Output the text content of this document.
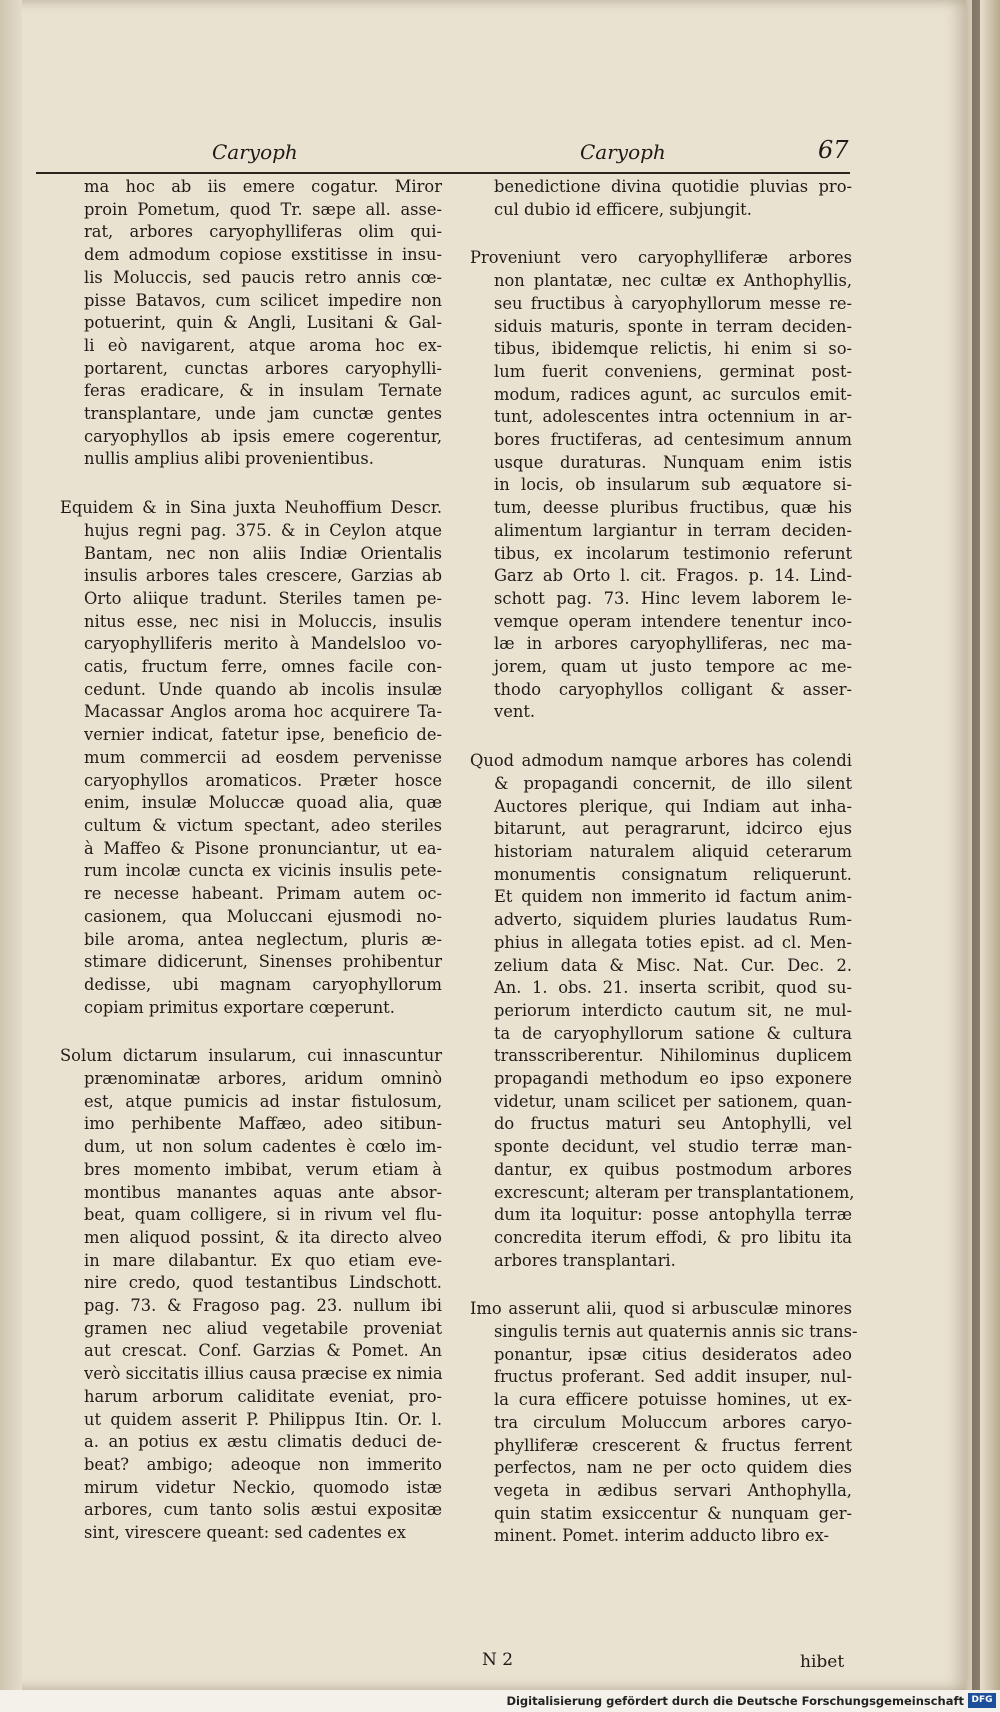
Caryoph	Caryoph	67
ma hoc ab iis emere cogatur. Miror
proin Pometum, quod Tr. sæpe all. asse-
rat, arbores caryophylliferas olim qui-
dem admodum copiose exstitisse in insu-
lis Moluccis, sed paucis retro annis cœ-
pisse Batavos, cum scilicet impedire non
potuerint, quin & Angli, Lusitani & Gal-
li eò navigarent, atque aroma hoc ex-
portarent, cunctas arbores caryophylli-
feras eradicare, & in insulam Ternate
transplantare, unde jam cunctæ gentes
caryophyllos ab ipsis emere cogerentur,
nullis amplius alibi provenientibus.
Equidem & in Sina juxta Neuhoffium Descr.
hujus regni pag. 375. & in Ceylon atque
Bantam, nec non aliis Indiæ Orientalis
insulis arbores tales crescere, Garzias ab
Orto aliique tradunt. Steriles tamen pe-
nitus esse, nec nisi in Moluccis, insulis
caryophylliferis merito à Mandelsloo vo-
catis, fructum ferre, omnes facile con-
cedunt. Unde quando ab incolis insulæ
Macassar Anglos aroma hoc acquirere Ta-
vernier indicat, fatetur ipse, beneficio de-
mum commercii ad eosdem pervenisse
caryophyllos aromaticos. Præter hosce
enim, insulæ Moluccæ quoad alia, quæ
cultum & victum spectant, adeo steriles
à Maffeo & Pisone pronunciantur, ut ea-
rum incolæ cuncta ex vicinis insulis pete-
re necesse habeant. Primam autem oc-
casionem, qua Moluccani ejusmodi no-
bile aroma, antea neglectum, pluris æ-
stimare didicerunt, Sinenses prohibentur
dedisse, ubi magnam caryophyllorum
copiam primitus exportare cœperunt.
Solum dictarum insularum, cui innascuntur
prænominatæ arbores, aridum omninò
est, atque pumicis ad instar fistulosum,
imo perhibente Maffæo, adeo sitibun-
dum, ut non solum cadentes è cœlo im-
bres momento imbibat, verum etiam à
montibus manantes aquas ante absor-
beat, quam colligere, si in rivum vel flu-
men aliquod possint, & ita directo alveo
in mare dilabantur. Ex quo etiam eve-
nire credo, quod testantibus Lindschott.
pag. 73. & Fragoso pag. 23. nullum ibi
gramen nec aliud vegetabile proveniat
aut crescat. Conf. Garzias & Pomet. An
verò siccitatis illius causa præcise ex nimia
harum arborum caliditate eveniat, pro-
ut quidem asserit P. Philippus Itin. Or. l.
a. an potius ex æstu climatis deduci de-
beat? ambigo; adeoque non immerito
mirum videtur Neckio, quomodo istæ
arbores, cum tanto solis æstui expositæ
sint, virescere queant: sed cadentes ex
benedictione divina quotidie pluvias pro-
cul dubio id efficere, subjungit.
Proveniunt vero caryophylliferæ arbores
non plantatæ, nec cultæ ex Anthophyllis,
seu fructibus à caryophyllorum messe re-
siduis maturis, sponte in terram deciden-
tibus, ibidemque relictis, hi enim si so-
lum fuerit conveniens, germinat post-
modum, radices agunt, ac surculos emit-
tunt, adolescentes intra octennium in ar-
bores fructiferas, ad centesimum annum
usque duraturas. Nunquam enim istis
in locis, ob insularum sub æquatore si-
tum, deesse pluribus fructibus, quæ his
alimentum largiantur in terram deciden-
tibus, ex incolarum testimonio referunt
Garz ab Orto l. cit. Fragos. p. 14. Lind-
schott pag. 73. Hinc levem laborem le-
vemque operam intendere tenentur inco-
læ in arbores caryophylliferas, nec ma-
jorem, quam ut justo tempore ac me-
thodo caryophyllos colligant & asser-
vent.
Quod admodum namque arbores has colendi
& propagandi concernit, de illo silent
Auctores plerique, qui Indiam aut inha-
bitarunt, aut peragrarunt, idcirco ejus
historiam naturalem aliquid ceterarum
monumentis consignatum reliquerunt.
Et quidem non immerito id factum anim-
adverto, siquidem pluries laudatus Rum-
phius in allegata toties epist. ad cl. Men-
zelium data & Misc. Nat. Cur. Dec. 2.
An. 1. obs. 21. inserta scribit, quod su-
periorum interdicto cautum sit, ne mul-
ta de caryophyllorum satione & cultura
transscriberentur. Nihilominus duplicem
propagandi methodum eo ipso exponere
videtur, unam scilicet per sationem, quan-
do fructus maturi seu Antophylli, vel
sponte decidunt, vel studio terræ man-
dantur, ex quibus postmodum arbores
excrescunt; alteram per transplantationem,
dum ita loquitur: posse antophylla terræ
concredita iterum effodi, & pro libitu ita
arbores transplantari.
Imo asserunt alii, quod si arbusculæ minores
singulis ternis aut quaternis annis sic trans-
ponantur, ipsæ citius desideratos adeo
fructus proferant. Sed addit insuper, nul-
la cura efficere potuisse homines, ut ex-
tra circulum Moluccum arbores caryo-
phylliferæ crescerent & fructus ferrent
perfectos, nam ne per octo quidem dies
vegeta in ædibus servari Anthophylla,
quin statim exsiccentur & nunquam ger-
minent. Pomet. interim adducto libro ex-
N 2	hibet
Digitalisierung gefördert durch die Deutsche Forschungsgemeinschaft DFG
